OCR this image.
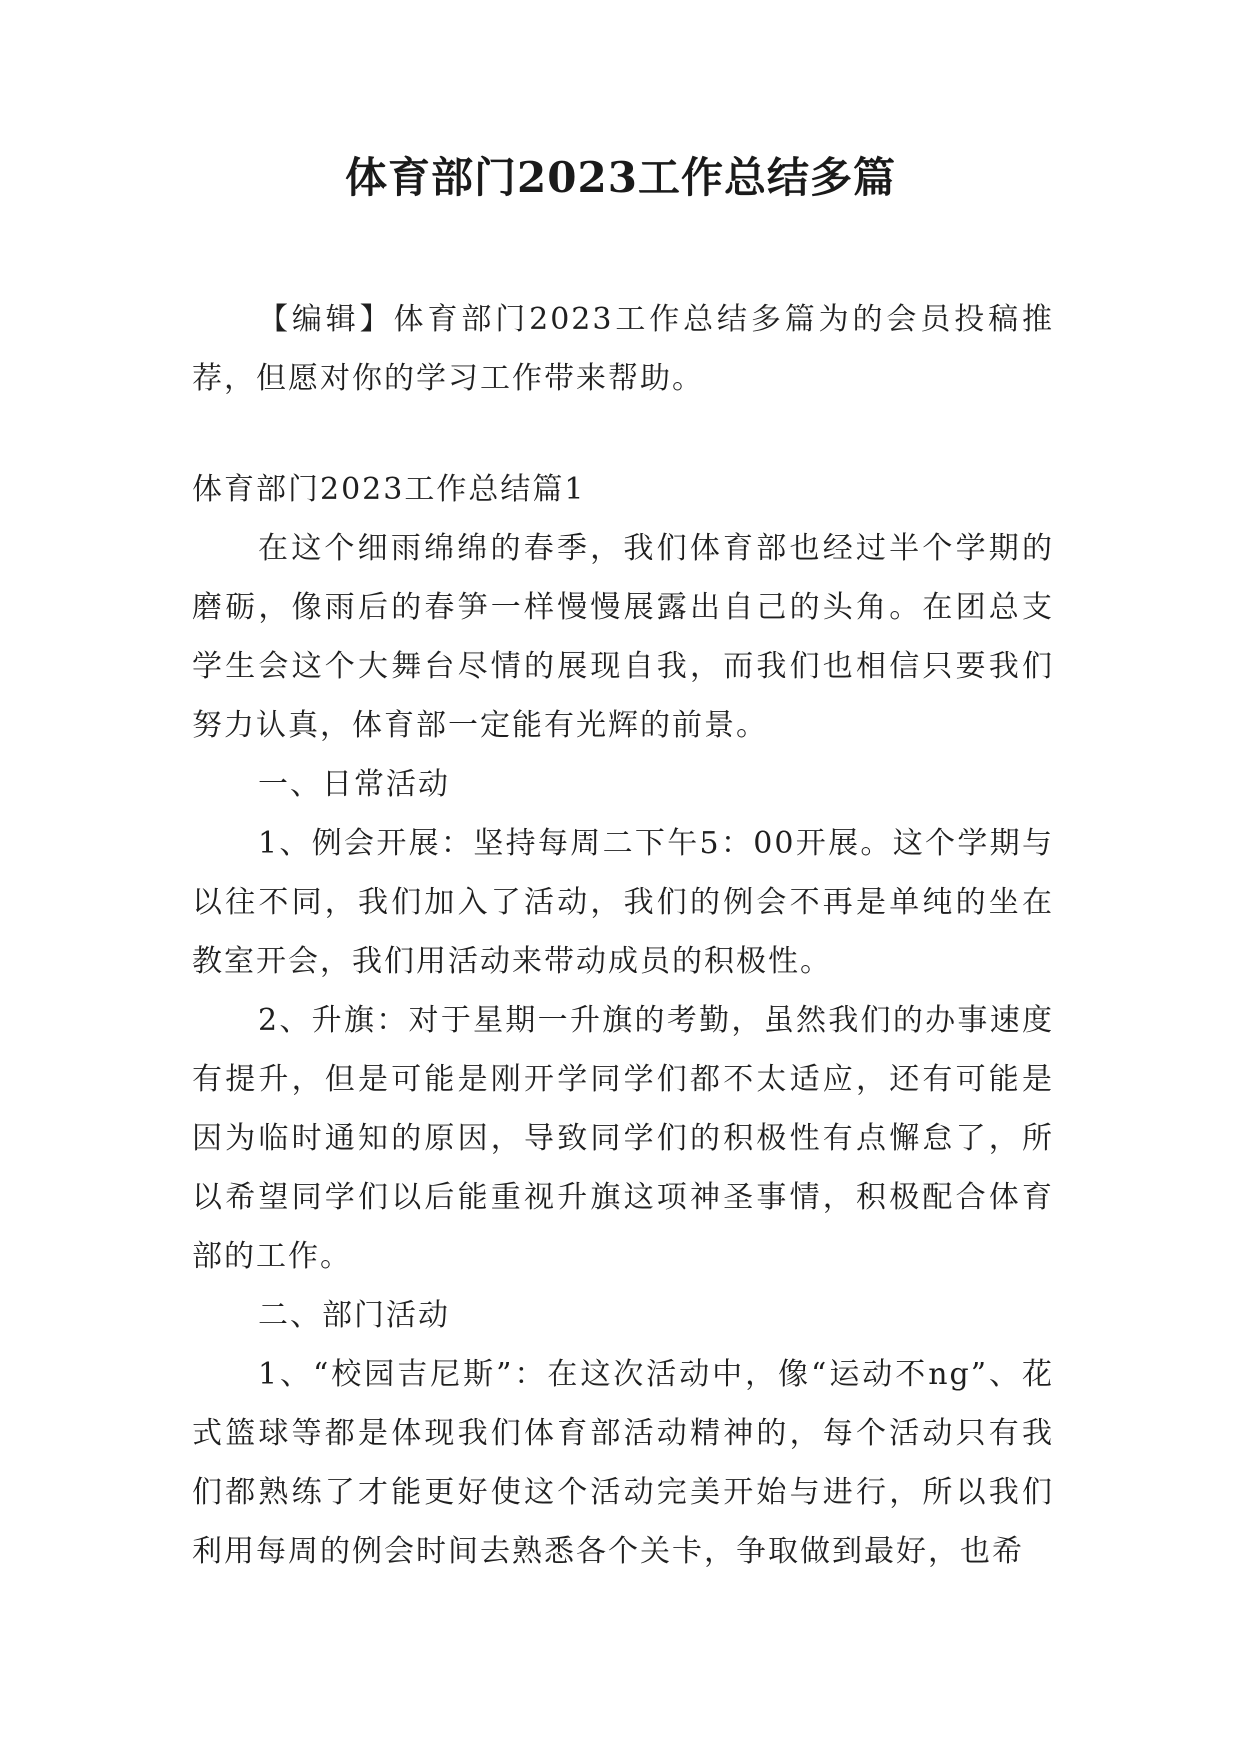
体育部门2023工作总结多篇

【编辑】体育部门2023工作总结多篇为的会员投稿推荐，但愿对你的学习工作带来帮助。

体育部门2023工作总结篇1

在这个细雨绵绵的春季，我们体育部也经过半个学期的磨砺，像雨后的春笋一样慢慢展露出自己的头角。在团总支学生会这个大舞台尽情的展现自我，而我们也相信只要我们努力认真，体育部一定能有光辉的前景。

一、日常活动

1、例会开展：坚持每周二下午5：00开展。这个学期与以往不同，我们加入了活动，我们的例会不再是单纯的坐在教室开会，我们用活动来带动成员的积极性。

2、升旗：对于星期一升旗的考勤，虽然我们的办事速度有提升，但是可能是刚开学同学们都不太适应，还有可能是因为临时通知的原因，导致同学们的积极性有点懈怠了，所以希望同学们以后能重视升旗这项神圣事情，积极配合体育部的工作。

二、部门活动

1、“校园吉尼斯”：在这次活动中，像“运动不ng”、花式篮球等都是体现我们体育部活动精神的，每个活动只有我们都熟练了才能更好使这个活动完美开始与进行，所以我们利用每周的例会时间去熟悉各个关卡，争取做到最好，也希
